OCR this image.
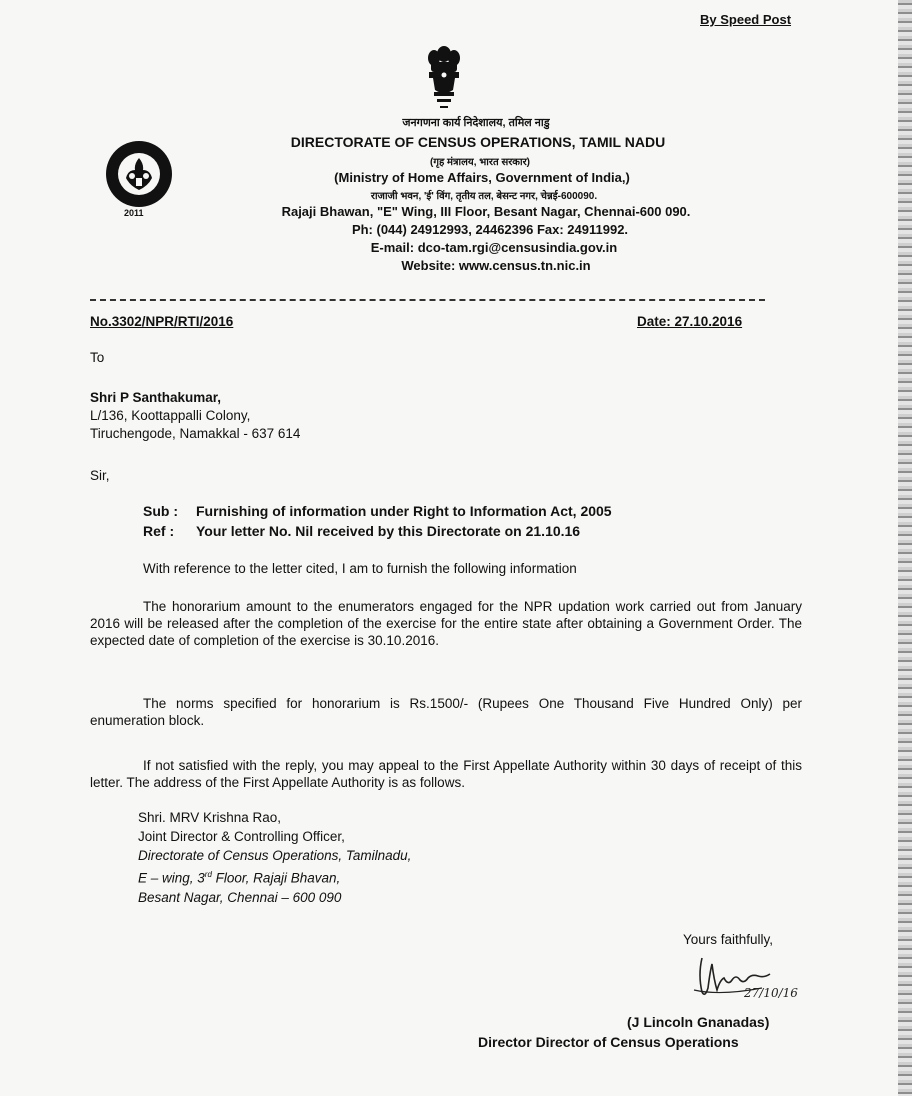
By Speed Post
जनगणना कार्य निदेशालय, तमिल नाडु
DIRECTORATE OF CENSUS OPERATIONS, TAMIL NADU
(गृह मंत्रालय, भारत सरकार)
(Ministry of Home Affairs, Government of India,)
राजाजी भवन, 'ई' विंग, तृतीय तल, बेसन्ट नगर, चेन्नई-600090.
Rajaji Bhawan, "E" Wing, III Floor, Besant Nagar, Chennai-600 090.
Ph: (044) 24912993, 24462396 Fax: 24911992.
E-mail: dco-tam.rgi@censusindia.gov.in
Website: www.census.tn.nic.in
2011
No.3302/NPR/RTI/2016	Date: 27.10.2016
To
Shri P Santhakumar,
L/136, Koottappalli Colony,
Tiruchengode, Namakkal - 637 614
Sir,
Sub : Furnishing of information under Right to Information Act, 2005
Ref : Your letter No. Nil received by this Directorate on 21.10.16
With reference to the letter cited, I am to furnish the following information
The honorarium amount to the enumerators engaged for the NPR updation work carried out from January 2016 will be released after the completion of the exercise for the entire state after obtaining a Government Order. The expected date of completion of the exercise is 30.10.2016.
The norms specified for honorarium is Rs.1500/- (Rupees One Thousand Five Hundred Only) per enumeration block.
If not satisfied with the reply, you may appeal to the First Appellate Authority within 30 days of receipt of this letter. The address of the First Appellate Authority is as follows.
Shri. MRV Krishna Rao,
Joint Director & Controlling Officer,
Directorate of Census Operations, Tamilnadu,
E – wing, 3rd Floor, Rajaji Bhavan,
Besant Nagar, Chennai – 600 090
Yours faithfully,
27/10/16
(J Lincoln Gnanadas)
Director Director of Census Operations
